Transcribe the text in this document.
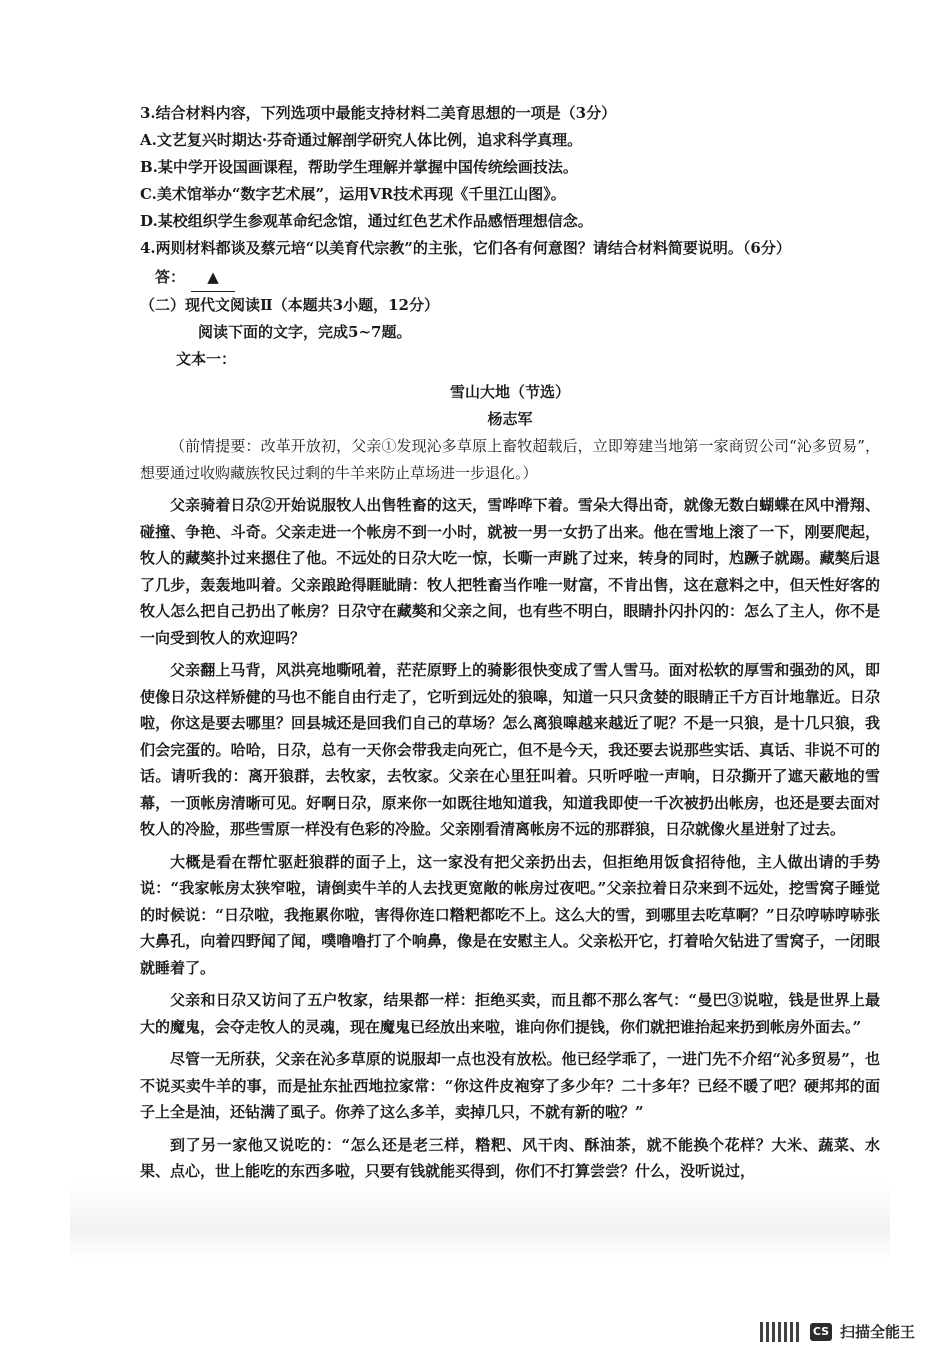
3.结合材料内容，下列选项中最能支持材料二美育思想的一项是（3分）

A.文艺复兴时期达·芬奇通过解剖学研究人体比例，追求科学真理。

B.某中学开设国画课程，帮助学生理解并掌握中国传统绘画技法。

C.美术馆举办“数字艺术展”，运用VR技术再现《千里江山图》。

D.某校组织学生参观革命纪念馆，通过红色艺术作品感悟理想信念。

4.两则材料都谈及蔡元培“以美育代宗教”的主张，它们各有何意图？请结合材料简要说明。（6分）

答： ▲

（二）现代文阅读Ⅱ（本题共3小题，12分）

阅读下面的文字，完成5~7题。

文本一：

雪山大地（节选）

杨志军

（前情提要：改革开放初，父亲①发现沁多草原上畜牧超载后，立即筹建当地第一家商贸公司“沁多贸易”，想要通过收购藏族牧民过剩的牛羊来防止草场进一步退化。）

父亲骑着日尕②开始说服牧人出售牲畜的这天，雪哗哗下着。雪朵大得出奇，就像无数白蝴蝶在风中滑翔、碰撞、争艳、斗奇。父亲走进一个帐房不到一小时，就被一男一女扔了出来。他在雪地上滚了一下，刚要爬起，牧人的藏獒扑过来摁住了他。不远处的日尕大吃一惊，长嘶一声跳了过来，转身的同时，尥蹶子就踢。藏獒后退了几步，轰轰地叫着。父亲踉跄得睚眦睛：牧人把牲畜当作唯一财富，不肯出售，这在意料之中，但天性好客的牧人怎么把自己扔出了帐房？日尕守在藏獒和父亲之间，也有些不明白，眼睛扑闪扑闪的：怎么了主人，你不是一向受到牧人的欢迎吗？

父亲翻上马背，风洪亮地嘶吼着，茫茫原野上的骑影很快变成了雪人雪马。面对松软的厚雪和强劲的风，即使像日尕这样矫健的马也不能自由行走了，它听到远处的狼嗥，知道一只只贪婪的眼睛正千方百计地靠近。日尕啦，你这是要去哪里？回县城还是回我们自己的草场？怎么离狼嗥越来越近了呢？不是一只狼，是十几只狼，我们会完蛋的。哈哈，日尕，总有一天你会带我走向死亡，但不是今天，我还要去说那些实话、真话、非说不可的话。请听我的：离开狼群，去牧家，去牧家。父亲在心里狂叫着。只听呼啦一声响，日尕撕开了遮天蔽地的雪幕，一顶帐房清晰可见。好啊日尕，原来你一如既往地知道我，知道我即使一千次被扔出帐房，也还是要去面对牧人的冷脸，那些雪原一样没有色彩的冷脸。父亲刚看清离帐房不远的那群狼，日尕就像火星迸射了过去。

大概是看在帮忙驱赶狼群的面子上，这一家没有把父亲扔出去，但拒绝用饭食招待他，主人做出请的手势说：“我家帐房太狭窄啦，请倒卖牛羊的人去找更宽敞的帐房过夜吧。”父亲拉着日尕来到不远处，挖雪窝子睡觉的时候说：“日尕啦，我拖累你啦，害得你连口糌粑都吃不上。这么大的雪，到哪里去吃草啊？”日尕哼哧哼哧张大鼻孔，向着四野闻了闻，噗噜噜打了个响鼻，像是在安慰主人。父亲松开它，打着哈欠钻进了雪窝子，一闭眼就睡着了。

父亲和日尕又访问了五户牧家，结果都一样：拒绝买卖，而且都不那么客气：“曼巴③说啦，钱是世界上最大的魔鬼，会夺走牧人的灵魂，现在魔鬼已经放出来啦，谁向你们提钱，你们就把谁抬起来扔到帐房外面去。”

尽管一无所获，父亲在沁多草原的说服却一点也没有放松。他已经学乖了，一进门先不介绍“沁多贸易”，也不说买卖牛羊的事，而是扯东扯西地拉家常：“你这件皮袍穿了多少年？二十多年？已经不暖了吧？硬邦邦的面子上全是油，还钻满了虱子。你养了这么多羊，卖掉几只，不就有新的啦？”

到了另一家他又说吃的：“怎么还是老三样，糌粑、风干肉、酥油茶，就不能换个花样？大米、蔬菜、水果、点心，世上能吃的东西多啦，只要有钱就能买得到，你们不打算尝尝？什么，没听说过，

CS 扫描全能王
